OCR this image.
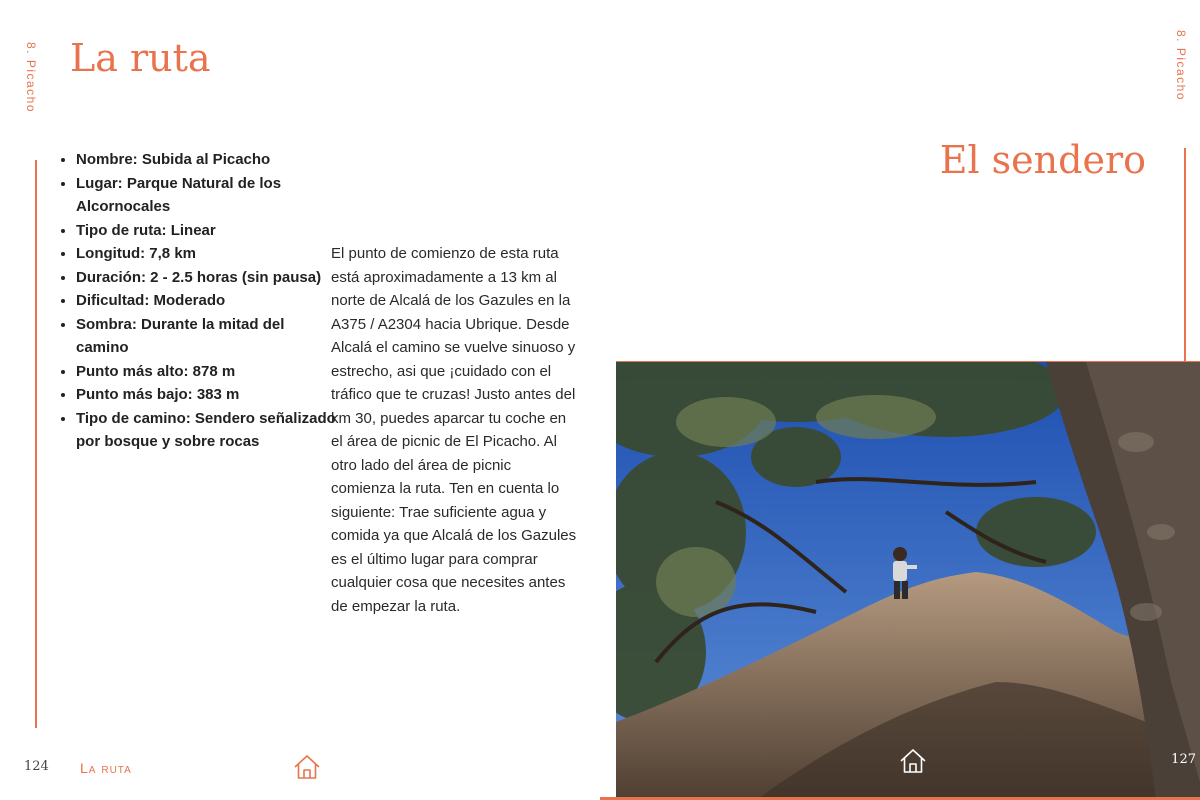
8. Picacho La ruta
• Nombre: Subida al Picacho
• Lugar: Parque Natural de los Alcornocales
• Tipo de ruta: Linear
• Longitud: 7,8 km
• Duración: 2 - 2.5 horas (sin pausa)
• Dificultad: Moderado
• Sombra: Durante la mitad del camino
• Punto más alto: 878 m
• Punto más bajo: 383 m
• Tipo de camino: Sendero señalizado por bosque y sobre rocas

El punto de comienzo de esta ruta está aproximadamente a 13 km al norte de Alcalá de los Gazules en la A375 / A2304 hacia Ubrique. Desde Alcalá el camino se vuelve sinuoso y estrecho, asi que ¡cuidado con el tráfico que te cruzas! Justo antes del km 30, puedes aparcar tu coche en el área de picnic de El Picacho. Al otro lado del área de picnic comienza la ruta. Ten en cuenta lo siguiente: Trae suficiente agua y comida ya que Alcalá de los Gazules es el último lugar para comprar cualquier cosa que necesites antes de empezar la ruta.

124 La ruta
8. Picacho
El sendero
127
